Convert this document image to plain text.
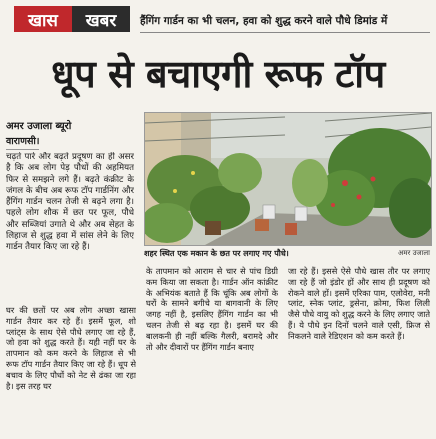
खास	खबर	हैंगिंग गार्डन का भी चलन, हवा को शुद्ध करने वाले पौधे डिमांड में
धूप से बचाएगी रूफ टॉप
अमर उजाला ब्यूरो
वाराणसी।
चढ़ते पारे और बढ़ते प्रदूषण का ही असर है कि अब लोग पेड़ पौधों की अहमियत फिर से समझने लगे हैं। बढ़ते कंक्रीट के जंगल के बीच अब रूफ टॉप गार्डनिंग और हैंगिंग गार्डन चलन तेजी से बढ़ने लगा है। पहले लोग शौक में छत पर फूल, पौधे और सब्जियां उगाते थे और अब सेहत के लिहाज से शुद्ध हवा में सांस लेने के लिए गार्डन तैयार किए जा रहे हैं।
शहर स्थित एक मकान के छत पर लगाए गए पौधे।	अमर उजाला

घर की छतों पर अब लोग अच्छा खासा गार्डन तैयार कर रहे हैं। इसमें फूल, शो प्लांट्स के साथ ऐसे पौधे लगाए जा रहे हैं, जो हवा को शुद्ध करते हैं। यही नहीं घर के तापमान को कम करने के लिहाज से भी रूफ टॉप गार्डन तैयार किए जा रहे हैं। धूप से बचाव के लिए पौधों को नेट से ढंका जा रहा है। इस तरह घर

के तापमान को आराम से चार से पांच डिग्री कम किया जा सकता है। गार्डन ऑन कांक्रीट के अभियंक बताते हैं कि चूंकि अब लोगों के घरों के सामने बगीचे या बागवानी के लिए जगह नहीं है, इसलिए हैंगिंग गार्डन का भी चलन तेजी से बढ़ रहा है। इसमें घर की बालकनी ही नहीं बल्कि गैलरी, बरामदे और तो और दीवारों पर हैंगिंग गार्डन बनाए

जा रहे हैं। इससे ऐसे पौधे खास तौर पर लगाए जा रहे हैं जो इंडोर हों और साथ ही प्रदूषण को रोकने वाले हों। इसमें एरिका पाम, एलोवेरा, मनी प्लांट, स्नेक प्लांट, ड्रसेना, क्रोमा, फिश लिली जैसे पौधे वायु को शुद्ध करने के लिए लगाए जाते हैं। ये पौधे इन दिनों चलने वाले एसी, फ्रिज से निकलने वाले रेडिएशन को कम करते हैं।
